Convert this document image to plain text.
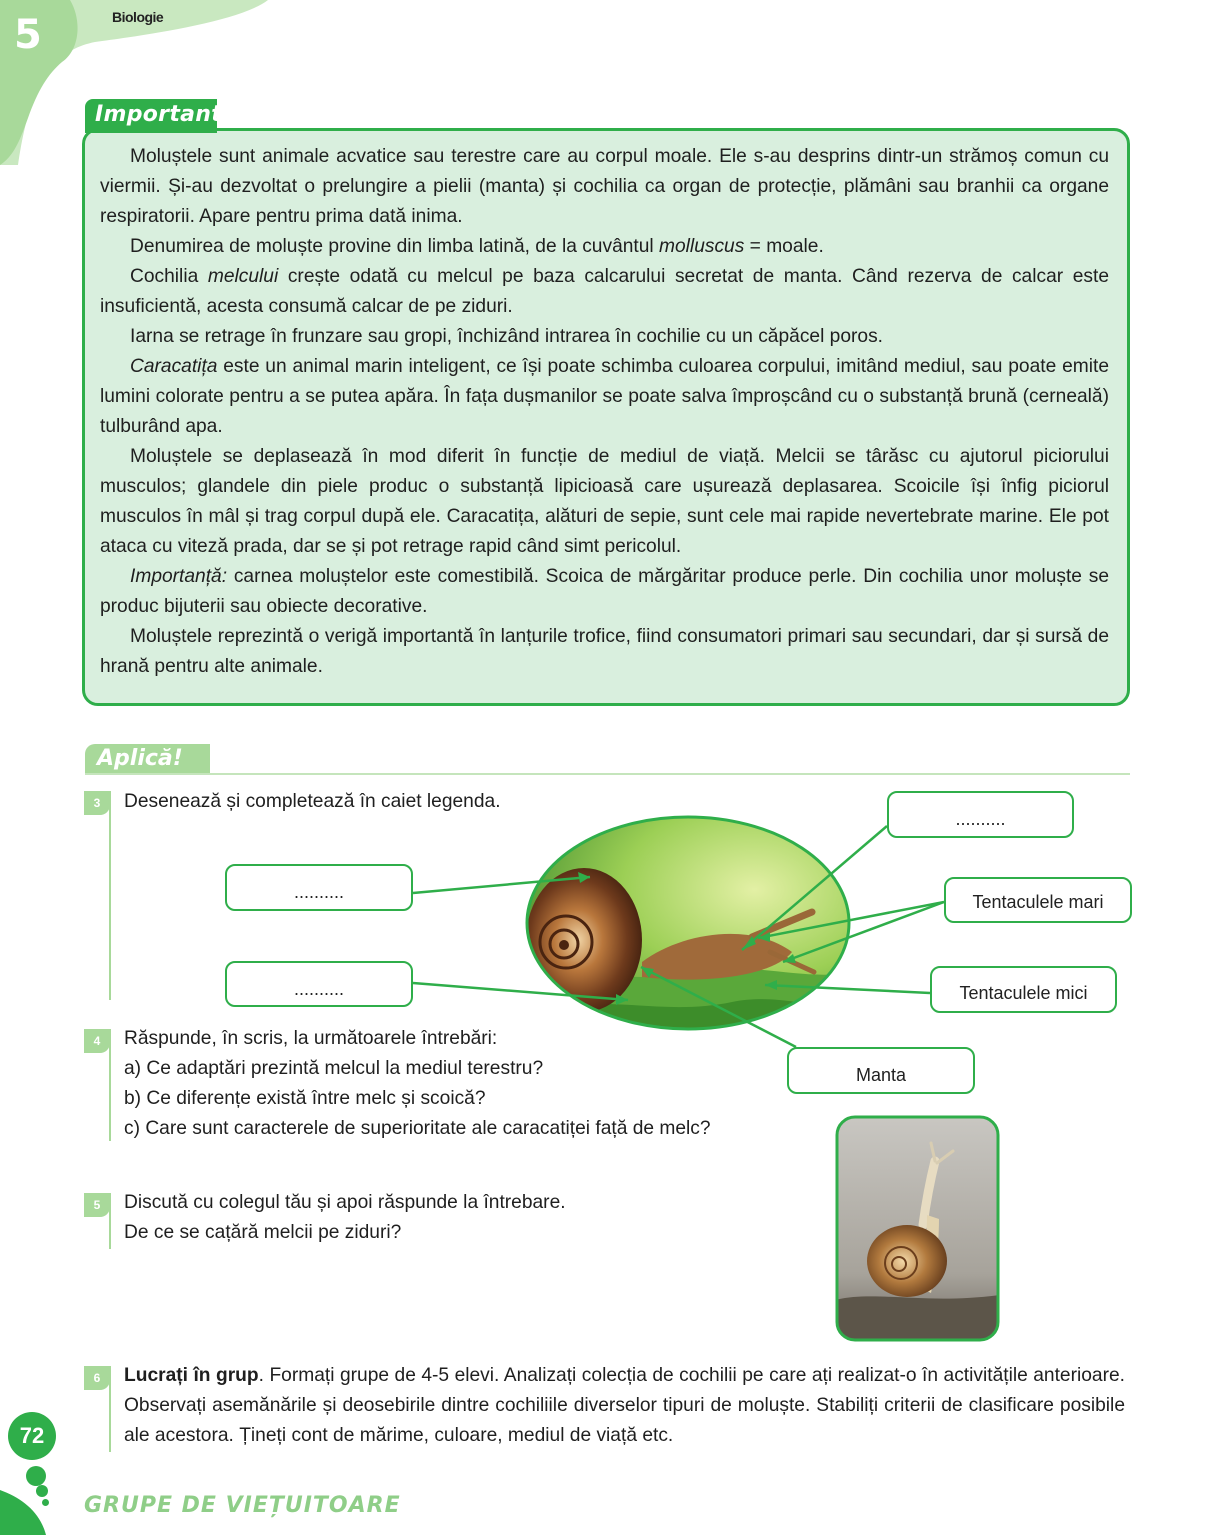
5	Biologie
Important

Moluștele sunt animale acvatice sau terestre care au corpul moale. Ele s-au desprins dintr-un strămoș comun cu viermii. Și-au dezvoltat o prelungire a pielii (manta) și cochilia ca organ de protecție, plămâni sau branhii ca organe respiratorii. Apare pentru prima dată inima.

Denumirea de moluște provine din limba latină, de la cuvântul molluscus = moale.

Cochilia melcului crește odată cu melcul pe baza calcarului secretat de manta. Când rezerva de calcar este insuficientă, acesta consumă calcar de pe ziduri.

Iarna se retrage în frunzare sau gropi, închizând intrarea în cochilie cu un căpăcel poros.

Caracatița este un animal marin inteligent, ce își poate schimba culoarea corpului, imitând mediul, sau poate emite lumini colorate pentru a se putea apăra. În fața dușmanilor se poate salva împroșcând cu o substanță brună (cerneală) tulburând apa.

Moluștele se deplasează în mod diferit în funcție de mediul de viață. Melcii se târăsc cu ajutorul piciorului musculos; glandele din piele produc o substanță lipicioasă care ușurează deplasarea. Scoicile își înfig piciorul musculos în mâl și trag corpul după ele. Caracatița, alături de sepie, sunt cele mai rapide nevertebrate marine. Ele pot ataca cu viteză prada, dar se și pot retrage rapid când simt pericolul.

Importanță: carnea moluștelor este comestibilă. Scoica de mărgăritar produce perle. Din cochilia unor moluște se produc bijuterii sau obiecte decorative.

Moluștele reprezintă o verigă importantă în lanțurile trofice, fiind consumatori primari sau secundari, dar și sursă de hrană pentru alte animale.

Aplică!
3	Desenează și completează în caiet legenda.
..........
..........	Tentaculele mari
..........	Tentaculele mici
Manta
4	Răspunde, în scris, la următoarele întrebări:
a) Ce adaptări prezintă melcul la mediul terestru?
b) Ce diferențe există între melc și scoică?
c) Care sunt caracterele de superioritate ale caracatiței față de melc?
5	Discută cu colegul tău și apoi răspunde la întrebare.
De ce se cațără melcii pe ziduri?
6	Lucrați în grup. Formați grupe de 4-5 elevi. Analizați colecția de cochilii pe care ați realizat-o în activitățile anterioare. Observați asemănările și deosebirile dintre cochiliile diverselor tipuri de moluște. Stabiliți criterii de clasificare posibile ale acestora. Țineți cont de mărime, culoare, mediul de viață etc.
72
GRUPE DE VIEȚUITOARE
